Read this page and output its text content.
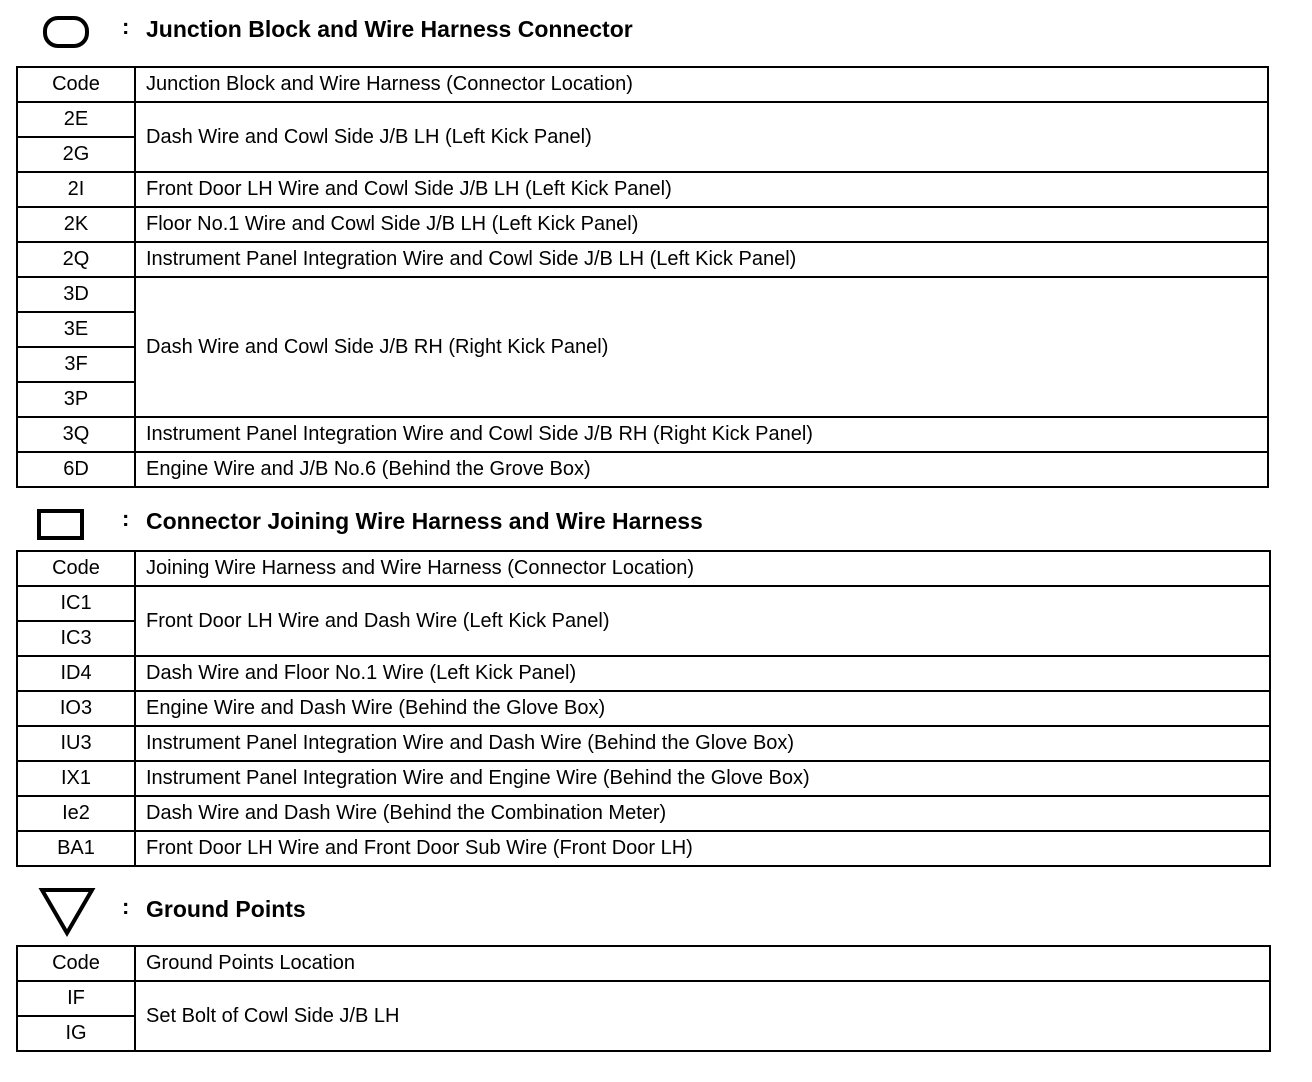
: Junction Block and Wire Harness Connector
Code	Junction Block and Wire Harness (Connector Location)
2E	Dash Wire and Cowl Side J/B LH (Left Kick Panel)
2G	
2I	Front Door LH Wire and Cowl Side J/B LH (Left Kick Panel)
2K	Floor No.1 Wire and Cowl Side J/B LH (Left Kick Panel)
2Q	Instrument Panel Integration Wire and Cowl Side J/B LH (Left Kick Panel)
3D	Dash Wire and Cowl Side J/B RH (Right Kick Panel)
3E	
3F	
3P	
3Q	Instrument Panel Integration Wire and Cowl Side J/B RH (Right Kick Panel)
6D	Engine Wire and J/B No.6 (Behind the Grove Box)
: Connector Joining Wire Harness and Wire Harness
Code	Joining Wire Harness and Wire Harness (Connector Location)
IC1	Front Door LH Wire and Dash Wire (Left Kick Panel)
IC3	
ID4	Dash Wire and Floor No.1 Wire (Left Kick Panel)
IO3	Engine Wire and Dash Wire (Behind the Glove Box)
IU3	Instrument Panel Integration Wire and Dash Wire (Behind the Glove Box)
IX1	Instrument Panel Integration Wire and Engine Wire (Behind the Glove Box)
Ie2	Dash Wire and Dash Wire (Behind the Combination Meter)
BA1	Front Door LH Wire and Front Door Sub Wire (Front Door LH)
: Ground Points
Code	Ground Points Location
IF	Set Bolt of Cowl Side J/B LH
IG	
